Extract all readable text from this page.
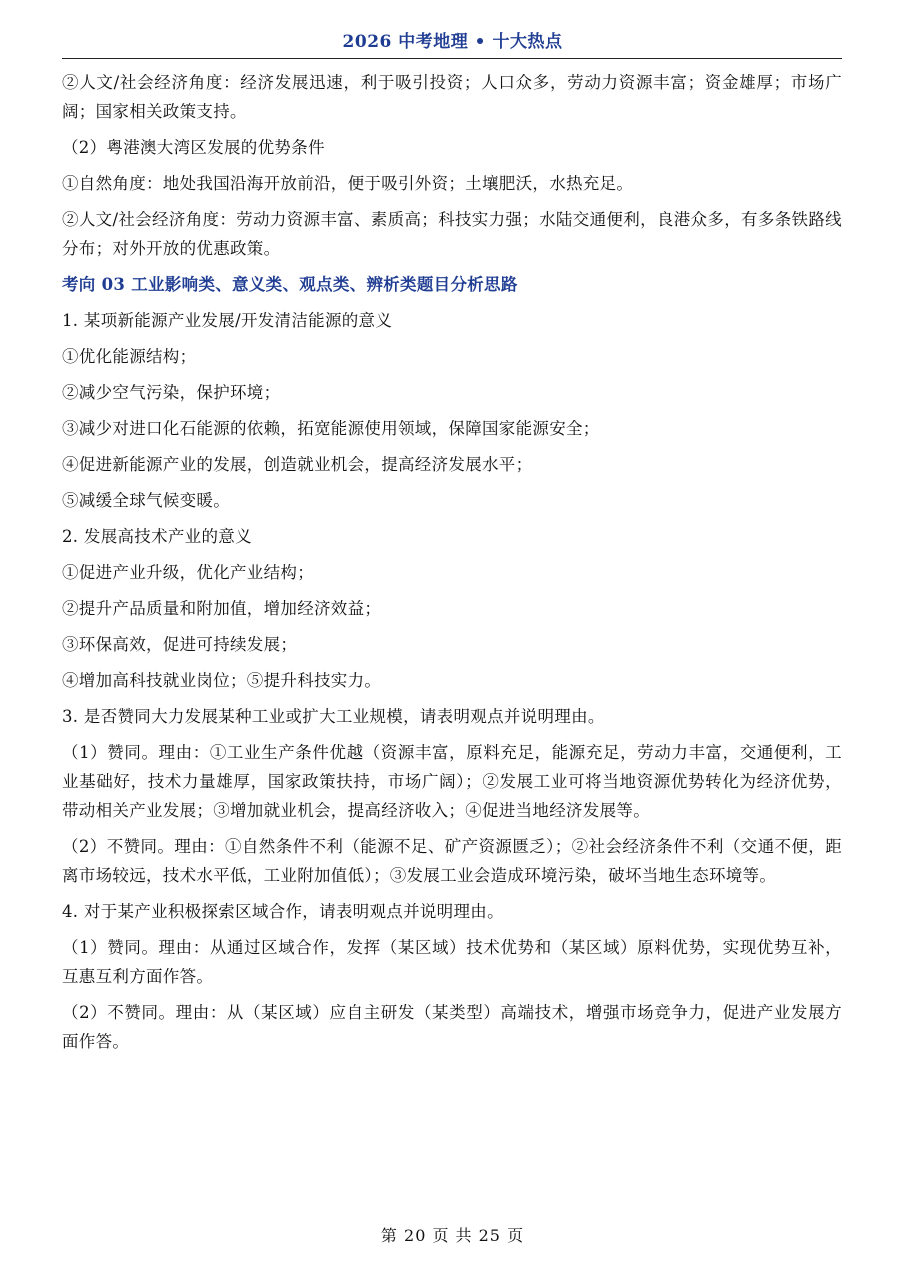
2026 中考地理 • 十大热点

②人文/社会经济角度：经济发展迅速，利于吸引投资；人口众多，劳动力资源丰富；资金雄厚；市场广阔；国家相关政策支持。

（2）粤港澳大湾区发展的优势条件

①自然角度：地处我国沿海开放前沿，便于吸引外资；土壤肥沃，水热充足。

②人文/社会经济角度：劳动力资源丰富、素质高；科技实力强；水陆交通便利，良港众多，有多条铁路线分布；对外开放的优惠政策。

考向 03 工业影响类、意义类、观点类、辨析类题目分析思路

1. 某项新能源产业发展/开发清洁能源的意义

①优化能源结构；

②减少空气污染，保护环境；

③减少对进口化石能源的依赖，拓宽能源使用领域，保障国家能源安全；

④促进新能源产业的发展，创造就业机会，提高经济发展水平；

⑤减缓全球气候变暖。

2. 发展高技术产业的意义

①促进产业升级，优化产业结构；

②提升产品质量和附加值，增加经济效益；

③环保高效，促进可持续发展；

④增加高科技就业岗位；⑤提升科技实力。

3. 是否赞同大力发展某种工业或扩大工业规模，请表明观点并说明理由。

（1）赞同。理由：①工业生产条件优越（资源丰富，原料充足，能源充足，劳动力丰富，交通便利，工业基础好，技术力量雄厚，国家政策扶持，市场广阔）；②发展工业可将当地资源优势转化为经济优势，带动相关产业发展；③增加就业机会，提高经济收入；④促进当地经济发展等。

（2）不赞同。理由：①自然条件不利（能源不足、矿产资源匮乏）；②社会经济条件不利（交通不便，距离市场较远，技术水平低，工业附加值低）；③发展工业会造成环境污染，破坏当地生态环境等。

4. 对于某产业积极探索区域合作，请表明观点并说明理由。

（1）赞同。理由：从通过区域合作，发挥（某区域）技术优势和（某区域）原料优势，实现优势互补，互惠互利方面作答。

（2）不赞同。理由：从（某区域）应自主研发（某类型）高端技术，增强市场竞争力，促进产业发展方面作答。

第 20 页 共 25 页
